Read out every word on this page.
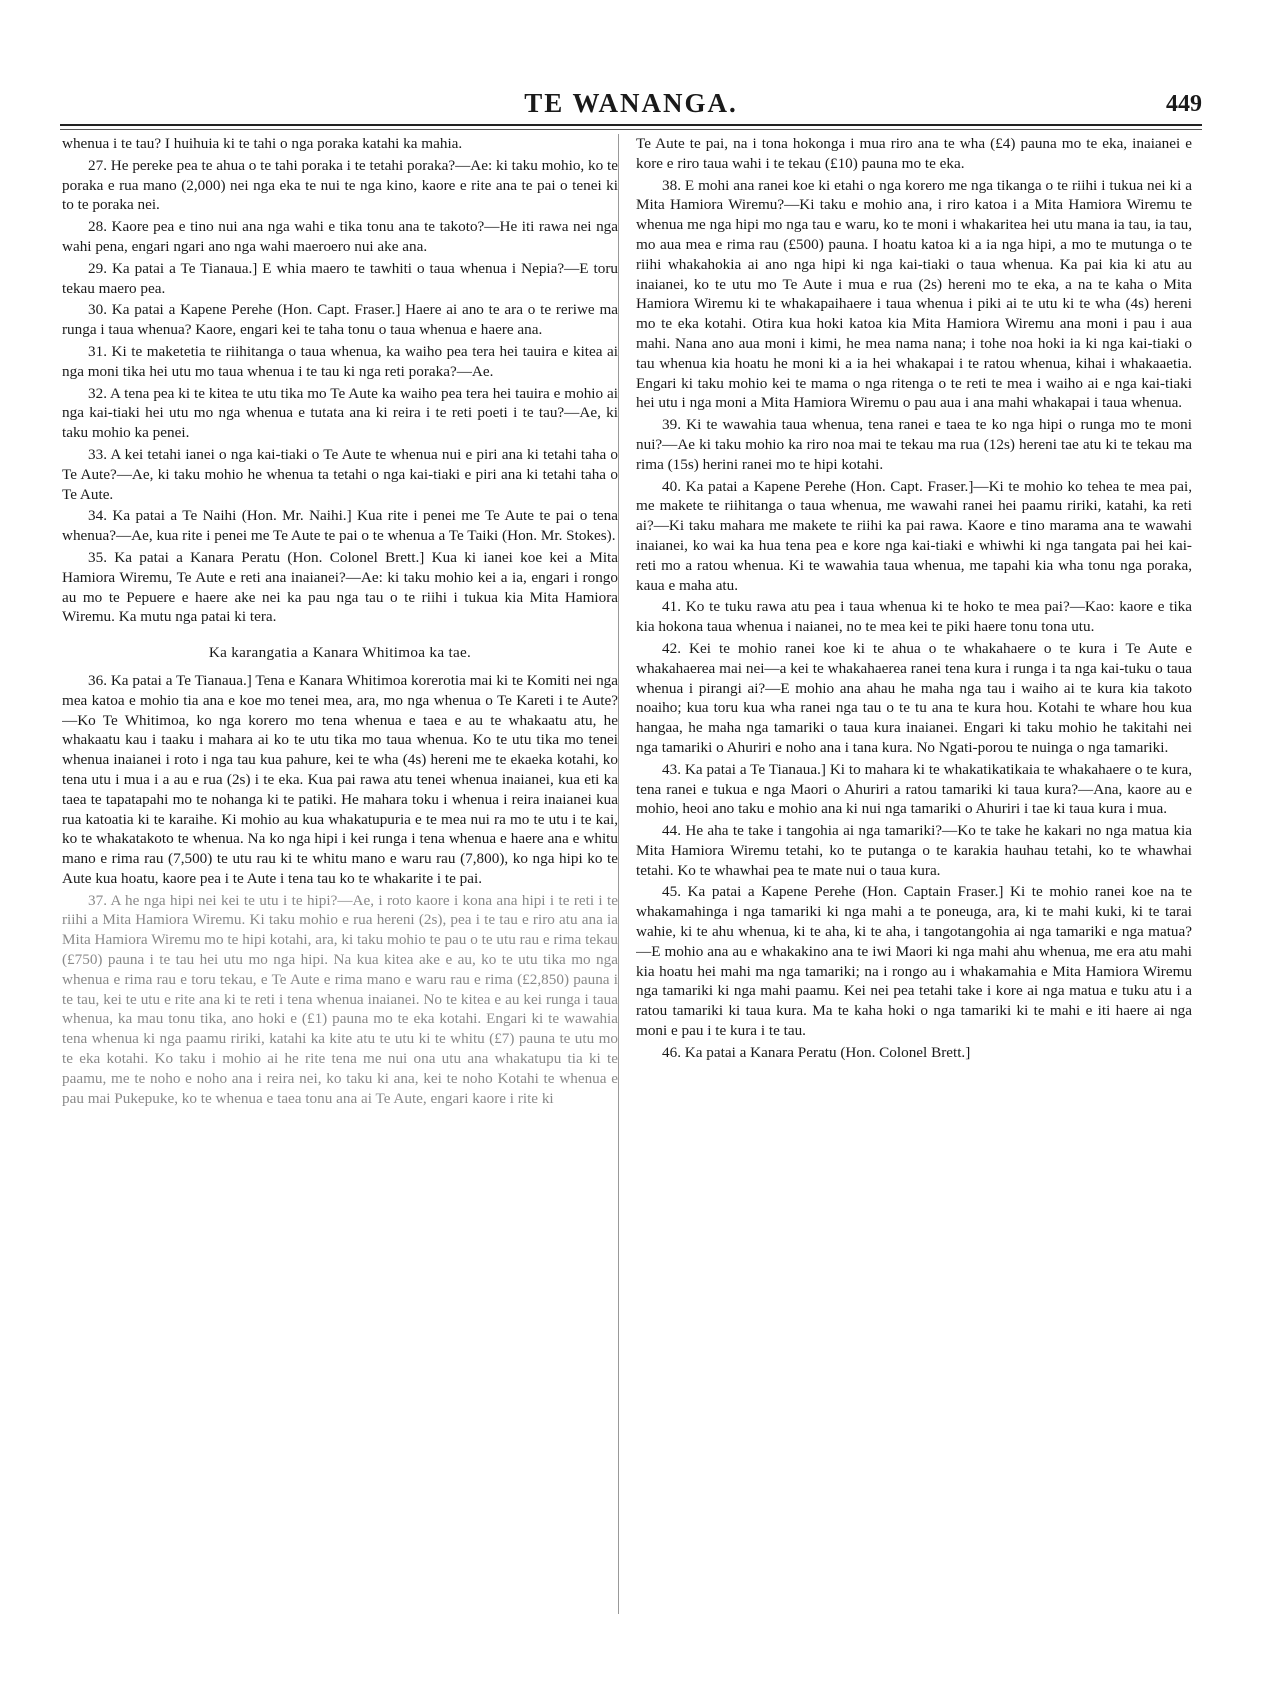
TE WANANGA.	449

whenua i te tau? I huihuia ki te tahi o nga poraka katahi ka mahia.

27. He pereke pea te ahua o te tahi poraka i te tetahi poraka?—Ae: ki taku mohio, ko te poraka e rua mano (2,000) nei nga eka te nui te nga kino, kaore e rite ana te pai o tenei ki to te poraka nei.

28. Kaore pea e tino nui ana nga wahi e tika tonu ana te takoto?—He iti rawa nei nga wahi pena, engari ngari ano nga wahi maeroero nui ake ana.

29. Ka patai a Te Tianaua.] E whia maero te tawhiti o taua whenua i Nepia?—E toru tekau maero pea.

30. Ka patai a Kapene Perehe (Hon. Capt. Fraser.] Haere ai ano te ara o te reriwe ma runga i taua whenua? Kaore, engari kei te taha tonu o taua whenua e haere ana.

31. Ki te maketetia te riihitanga o taua whenua, ka waiho pea tera hei tauira e kitea ai nga moni tika hei utu mo taua whenua i te tau ki nga reti poraka?—Ae.

32. A tena pea ki te kitea te utu tika mo Te Aute ka waiho pea tera hei tauira e mohio ai nga kai-tiaki hei utu mo nga whenua e tutata ana ki reira i te reti poeti i te tau?—Ae, ki taku mohio ka penei.

33. A kei tetahi ianei o nga kai-tiaki o Te Aute te whenua nui e piri ana ki tetahi taha o Te Aute?—Ae, ki taku mohio he whenua ta tetahi o nga kai-tiaki e piri ana ki tetahi taha o Te Aute.

34. Ka patai a Te Naihi (Hon. Mr. Naihi.] Kua rite i penei me Te Aute te pai o tena whenua?—Ae, kua rite i penei me Te Aute te pai o te whenua a Te Taiki (Hon. Mr. Stokes).

35. Ka patai a Kanara Peratu (Hon. Colonel Brett.] Kua ki ianei koe kei a Mita Hamiora Wiremu, Te Aute e reti ana inaianei?—Ae: ki taku mohio kei a ia, engari i rongo au mo te Pepuere e haere ake nei ka pau nga tau o te riihi i tukua kia Mita Hamiora Wiremu. Ka mutu nga patai ki tera.

Ka karangatia a Kanara Whitimoa ka tae.

36. Ka patai a Te Tianaua.] Tena e Kanara Whitimoa korerotia mai ki te Komiti nei nga mea katoa e mohio tia ana e koe mo tenei mea, ara, mo nga whenua o Te Kareti i te Aute?—Ko Te Whitimoa, ko nga korero mo tena whenua e taea e au te whakaatu atu, he whakaatu kau i taaku i mahara ai ko te utu tika mo taua whenua. Ko te utu tika mo tenei whenua inaianei i roto i nga tau kua pahure, kei te wha (4s) hereni me te ekaeka kotahi, ko tena utu i mua i a au e rua (2s) i te eka. Kua pai rawa atu tenei whenua inaianei, kua eti ka taea te tapatapahi mo te nohanga ki te patiki. He mahara toku i whenua i reira inaianei kua rua katoatia ki te karaihe. Ki mohio au kua whakatupuria e te mea nui ra mo te utu i te kai, ko te whakatakoto te whenua. Na ko nga hipi i kei runga i tena whenua e haere ana e whitu mano e rima rau (7,500) te utu rau ki te whitu mano e waru rau (7,800), ko nga hipi ko te Aute kua hoatu, kaore pea i te Aute i tena tau ko te whakarite i te pai.

37. A he nga hipi nei kei te utu i te hipi?—Ae, i roto kaore i kona ana hipi i te reti i te riihi a Mita Hamiora Wiremu. Ki taku mohio e rua hereni (2s), pea i te tau e riro atu ana ia Mita Hamiora Wiremu mo te hipi kotahi, ara, ki taku mohio te pau o te utu rau e rima tekau (£750) pauna i te tau hei utu mo nga hipi. Na kua kitea ake e au, ko te utu tika mo nga whenua e rima rau e toru tekau, e Te Aute e rima mano e waru rau e rima (£2,850) pauna i te tau, kei te utu e rite ana ki te reti i tena whenua inaianei. No te kitea e au kei runga i taua whenua, ka mau tonu tika, ano hoki e (£1) pauna mo te eka kotahi. Engari ki te wawahia tena whenua ki nga paamu ririki, katahi ka kite atu te utu ki te whitu (£7) pauna te utu mo te eka kotahi. Ko taku i mohio ai he rite tena me nui ona utu ana whakatupu tia ki te paamu, me te noho e noho ana i reira nei, ko taku ki ana, kei te noho Kotahi te whenua e pau mai Pukepuke, ko te whenua e taea tonu ana ai Te Aute, engari kaore i rite ki

Te Aute te pai, na i tona hokonga i mua riro ana te wha (£4) pauna mo te eka, inaianei e kore e riro taua wahi i te tekau (£10) pauna mo te eka.

38. E mohi ana ranei koe ki etahi o nga korero me nga tikanga o te riihi i tukua nei ki a Mita Hamiora Wiremu?—Ki taku e mohio ana, i riro katoa i a Mita Hamiora Wiremu te whenua me nga hipi mo nga tau e waru, ko te moni i whakaritea hei utu mana ia tau, ia tau, mo aua mea e rima rau (£500) pauna. I hoatu katoa ki a ia nga hipi, a mo te mutunga o te riihi whakahokia ai ano nga hipi ki nga kai-tiaki o taua whenua. Ka pai kia ki atu au inaianei, ko te utu mo Te Aute i mua e rua (2s) hereni mo te eka, a na te kaha o Mita Hamiora Wiremu ki te whakapaihaere i taua whenua i piki ai te utu ki te wha (4s) hereni mo te eka kotahi. Otira kua hoki katoa kia Mita Hamiora Wiremu ana moni i pau i aua mahi. Nana ano aua moni i kimi, he mea nama nana; i tohe noa hoki ia ki nga kai-tiaki o tau whenua kia hoatu he moni ki a ia hei whakapai i te ratou whenua, kihai i whakaaetia. Engari ki taku mohio kei te mama o nga ritenga o te reti te mea i waiho ai e nga kai-tiaki hei utu i nga moni a Mita Hamiora Wiremu o pau aua i ana mahi whakapai i taua whenua.

39. Ki te wawahia taua whenua, tena ranei e taea te ko nga hipi o runga mo te moni nui?—Ae ki taku mohio ka riro noa mai te tekau ma rua (12s) hereni tae atu ki te tekau ma rima (15s) herini ranei mo te hipi kotahi.

40. Ka patai a Kapene Perehe (Hon. Capt. Fraser.]—Ki te mohio ko tehea te mea pai, me makete te riihitanga o taua whenua, me wawahi ranei hei paamu ririki, katahi, ka reti ai?—Ki taku mahara me makete te riihi ka pai rawa. Kaore e tino marama ana te wawahi inaianei, ko wai ka hua tena pea e kore nga kai-tiaki e whiwhi ki nga tangata pai hei kai-reti mo a ratou whenua. Ki te wawahia taua whenua, me tapahi kia wha tonu nga poraka, kaua e maha atu.

41. Ko te tuku rawa atu pea i taua whenua ki te hoko te mea pai?—Kao: kaore e tika kia hokona taua whenua i naianei, no te mea kei te piki haere tonu tona utu.

42. Kei te mohio ranei koe ki te ahua o te whakahaere o te kura i Te Aute e whakahaerea mai nei—a kei te whakahaerea ranei tena kura i runga i ta nga kai-tuku o taua whenua i pirangi ai?—E mohio ana ahau he maha nga tau i waiho ai te kura kia takoto noaiho; kua toru kua wha ranei nga tau o te tu ana te kura hou. Kotahi te whare hou kua hangaa, he maha nga tamariki o taua kura inaianei. Engari ki taku mohio he takitahi nei nga tamariki o Ahuriri e noho ana i tana kura. No Ngati-porou te nuinga o nga tamariki.

43. Ka patai a Te Tianaua.] Ki to mahara ki te whakatikatikaia te whakahaere o te kura, tena ranei e tukua e nga Maori o Ahuriri a ratou tamariki ki taua kura?—Ana, kaore au e mohio, heoi ano taku e mohio ana ki nui nga tamariki o Ahuriri i tae ki taua kura i mua.

44. He aha te take i tangohia ai nga tamariki?—Ko te take he kakari no nga matua kia Mita Hamiora Wiremu tetahi, ko te putanga o te karakia hauhau tetahi, ko te whawhai tetahi. Ko te whawhai pea te mate nui o taua kura.

45. Ka patai a Kapene Perehe (Hon. Captain Fraser.] Ki te mohio ranei koe na te whakamahinga i nga tamariki ki nga mahi a te poneuga, ara, ki te mahi kuki, ki te tarai wahie, ki te ahu whenua, ki te aha, ki te aha, i tangotangohia ai nga tamariki e nga matua?—E mohio ana au e whakakino ana te iwi Maori ki nga mahi ahu whenua, me era atu mahi kia hoatu hei mahi ma nga tamariki; na i rongo au i whakamahia e Mita Hamiora Wiremu nga tamariki ki nga mahi paamu. Kei nei pea tetahi take i kore ai nga matua e tuku atu i a ratou tamariki ki taua kura. Ma te kaha hoki o nga tamariki ki te mahi e iti haere ai nga moni e pau i te kura i te tau.

46. Ka patai a Kanara Peratu (Hon. Colonel Brett.]
